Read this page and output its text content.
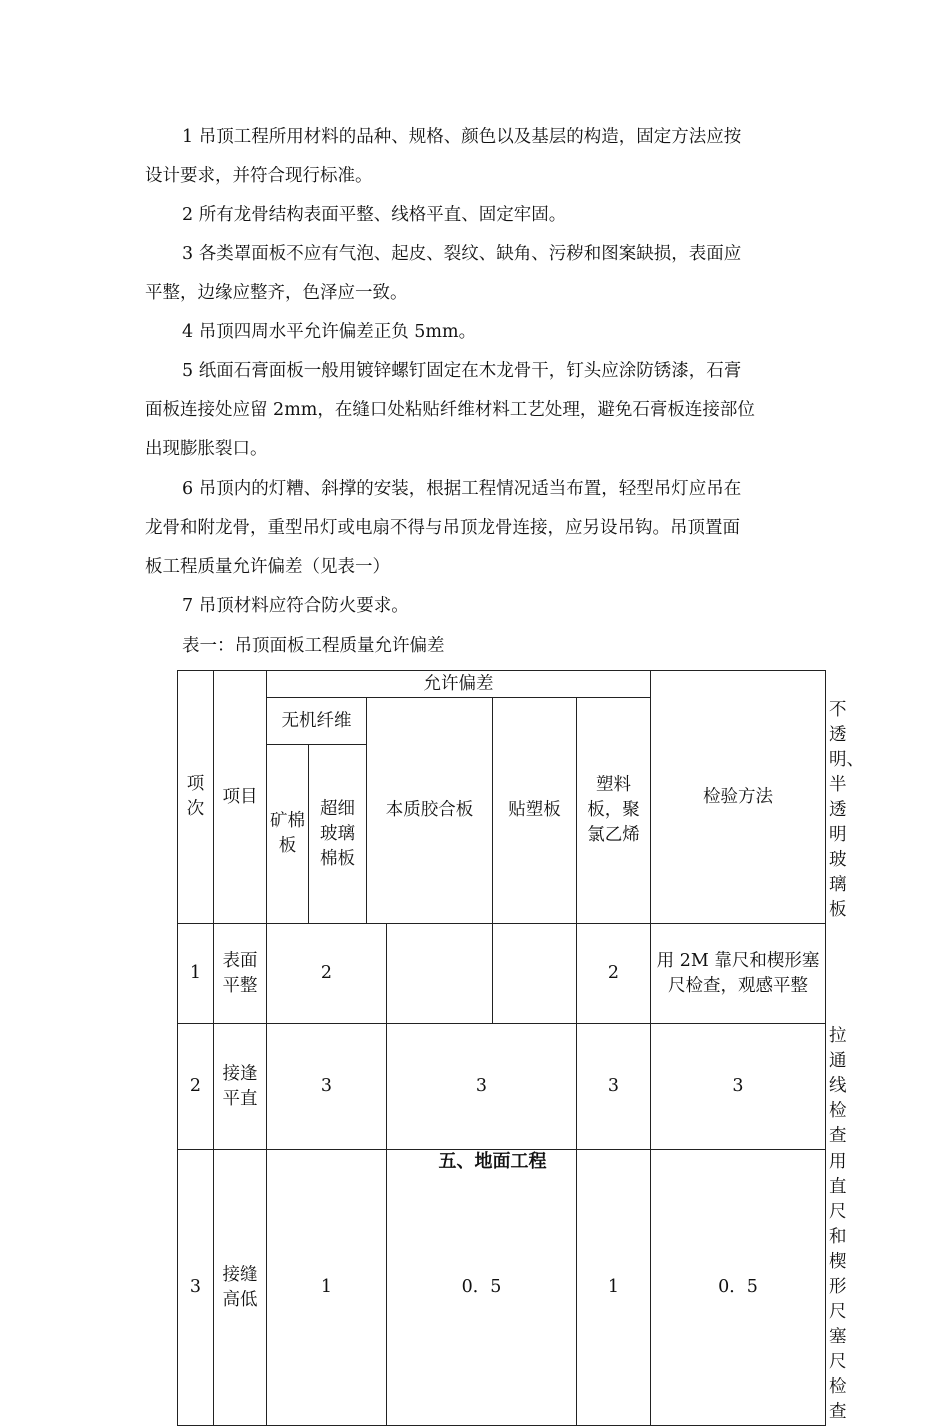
1 吊顶工程所用材料的品种、规格、颜色以及基层的构造，固定方法应按
设计要求，并符合现行标准。
2 所有龙骨结构表面平整、线格平直、固定牢固。
3 各类罩面板不应有气泡、起皮、裂纹、缺角、污秽和图案缺损，表面应
平整，边缘应整齐，色泽应一致。
4 吊顶四周水平允许偏差正负 5mm。
5 纸面石膏面板一般用镀锌螺钉固定在木龙骨干，钉头应涂防锈漆，石膏
面板连接处应留 2mm，在缝口处粘贴纤维材料工艺处理，避免石膏板连接部位
出现膨胀裂口。
6 吊顶内的灯糟、斜撑的安装，根据工程情况适当布置，轻型吊灯应吊在
龙骨和附龙骨，重型吊灯或电扇不得与吊顶龙骨连接，应另设吊钩。吊顶置面
板工程质量允许偏差（见表一）
7 吊顶材料应符合防火要求。

表一：吊顶面板工程质量允许偏差

项次	项目	允许偏差						检验方法	
		无机纤维		本质胶合板		贴塑板	塑料板，聚氯乙烯		不透明、半透明玻璃板
		矿棉板	超细玻璃棉板						
1	表面平整	2					2	用 2M 靠尺和楔形塞尺检查，观感平整	
2	接逢平直	3			3		3	3	拉通线检查
3	接缝高低	1			0．5		1	0．5	用直尺和楔形尺塞尺检查

五、地面工程
